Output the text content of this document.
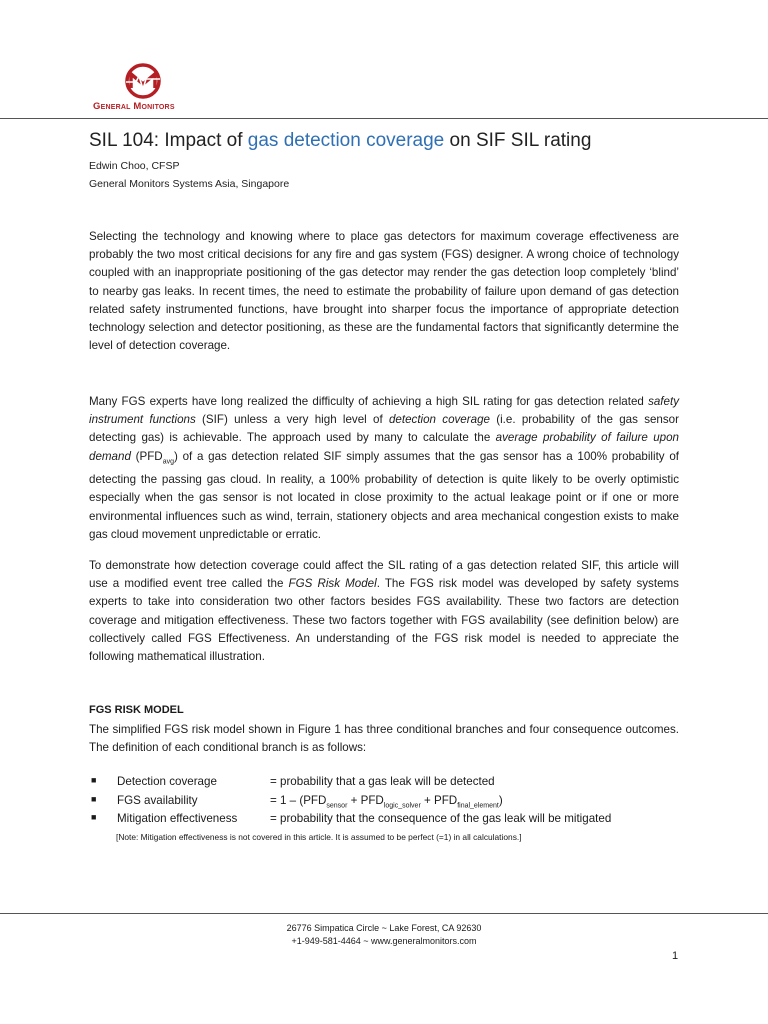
General Monitors
SIL 104: Impact of gas detection coverage on SIF SIL rating
Edwin Choo, CFSP
General Monitors Systems Asia, Singapore
Selecting the technology and knowing where to place gas detectors for maximum coverage effectiveness are probably the two most critical decisions for any fire and gas system (FGS) designer. A wrong choice of technology coupled with an inappropriate positioning of the gas detector may render the gas detection loop completely ‘blind’ to nearby gas leaks. In recent times, the need to estimate the probability of failure upon demand of gas detection related safety instrumented functions, have brought into sharper focus the importance of appropriate detection technology selection and detector positioning, as these are the fundamental factors that significantly determine the level of detection coverage.
Many FGS experts have long realized the difficulty of achieving a high SIL rating for gas detection related safety instrument functions (SIF) unless a very high level of detection coverage (i.e. probability of the gas sensor detecting gas) is achievable. The approach used by many to calculate the average probability of failure upon demand $(PFD_{avg})$ of a gas detection related SIF simply assumes that the gas sensor has a 100% probability of detecting the passing gas cloud. In reality, a 100% probability of detection is quite likely to be overly optimistic especially when the gas sensor is not located in close proximity to the actual leakage point or if one or more environmental influences such as wind, terrain, stationery objects and area mechanical congestion exists to make gas cloud movement unpredictable or erratic.
To demonstrate how detection coverage could affect the SIL rating of a gas detection related SIF, this article will use a modified event tree called the FGS Risk Model. The FGS risk model was developed by safety systems experts to take into consideration two other factors besides FGS availability. These two factors are detection coverage and mitigation effectiveness. These two factors together with FGS availability (see definition below) are collectively called FGS Effectiveness. An understanding of the FGS risk model is needed to appreciate the following mathematical illustration.
FGS RISK MODEL
The simplified FGS risk model shown in Figure 1 has three conditional branches and four consequence outcomes. The definition of each conditional branch is as follows:
■ Detection coverage	= probability that a gas leak will be detected
■ FGS availability	= $1 - (PFD_{sensor} + PFD_{logic\_solver} + PFD_{final\_element})$
■ Mitigation effectiveness	= probability that the consequence of the gas leak will be mitigated
[Note: Mitigation effectiveness is not covered in this article. It is assumed to be perfect (=1) in all calculations.]
26776 Simpatica Circle ~ Lake Forest, CA 92630
+1-949-581-4464 ~ www.generalmonitors.com
1
